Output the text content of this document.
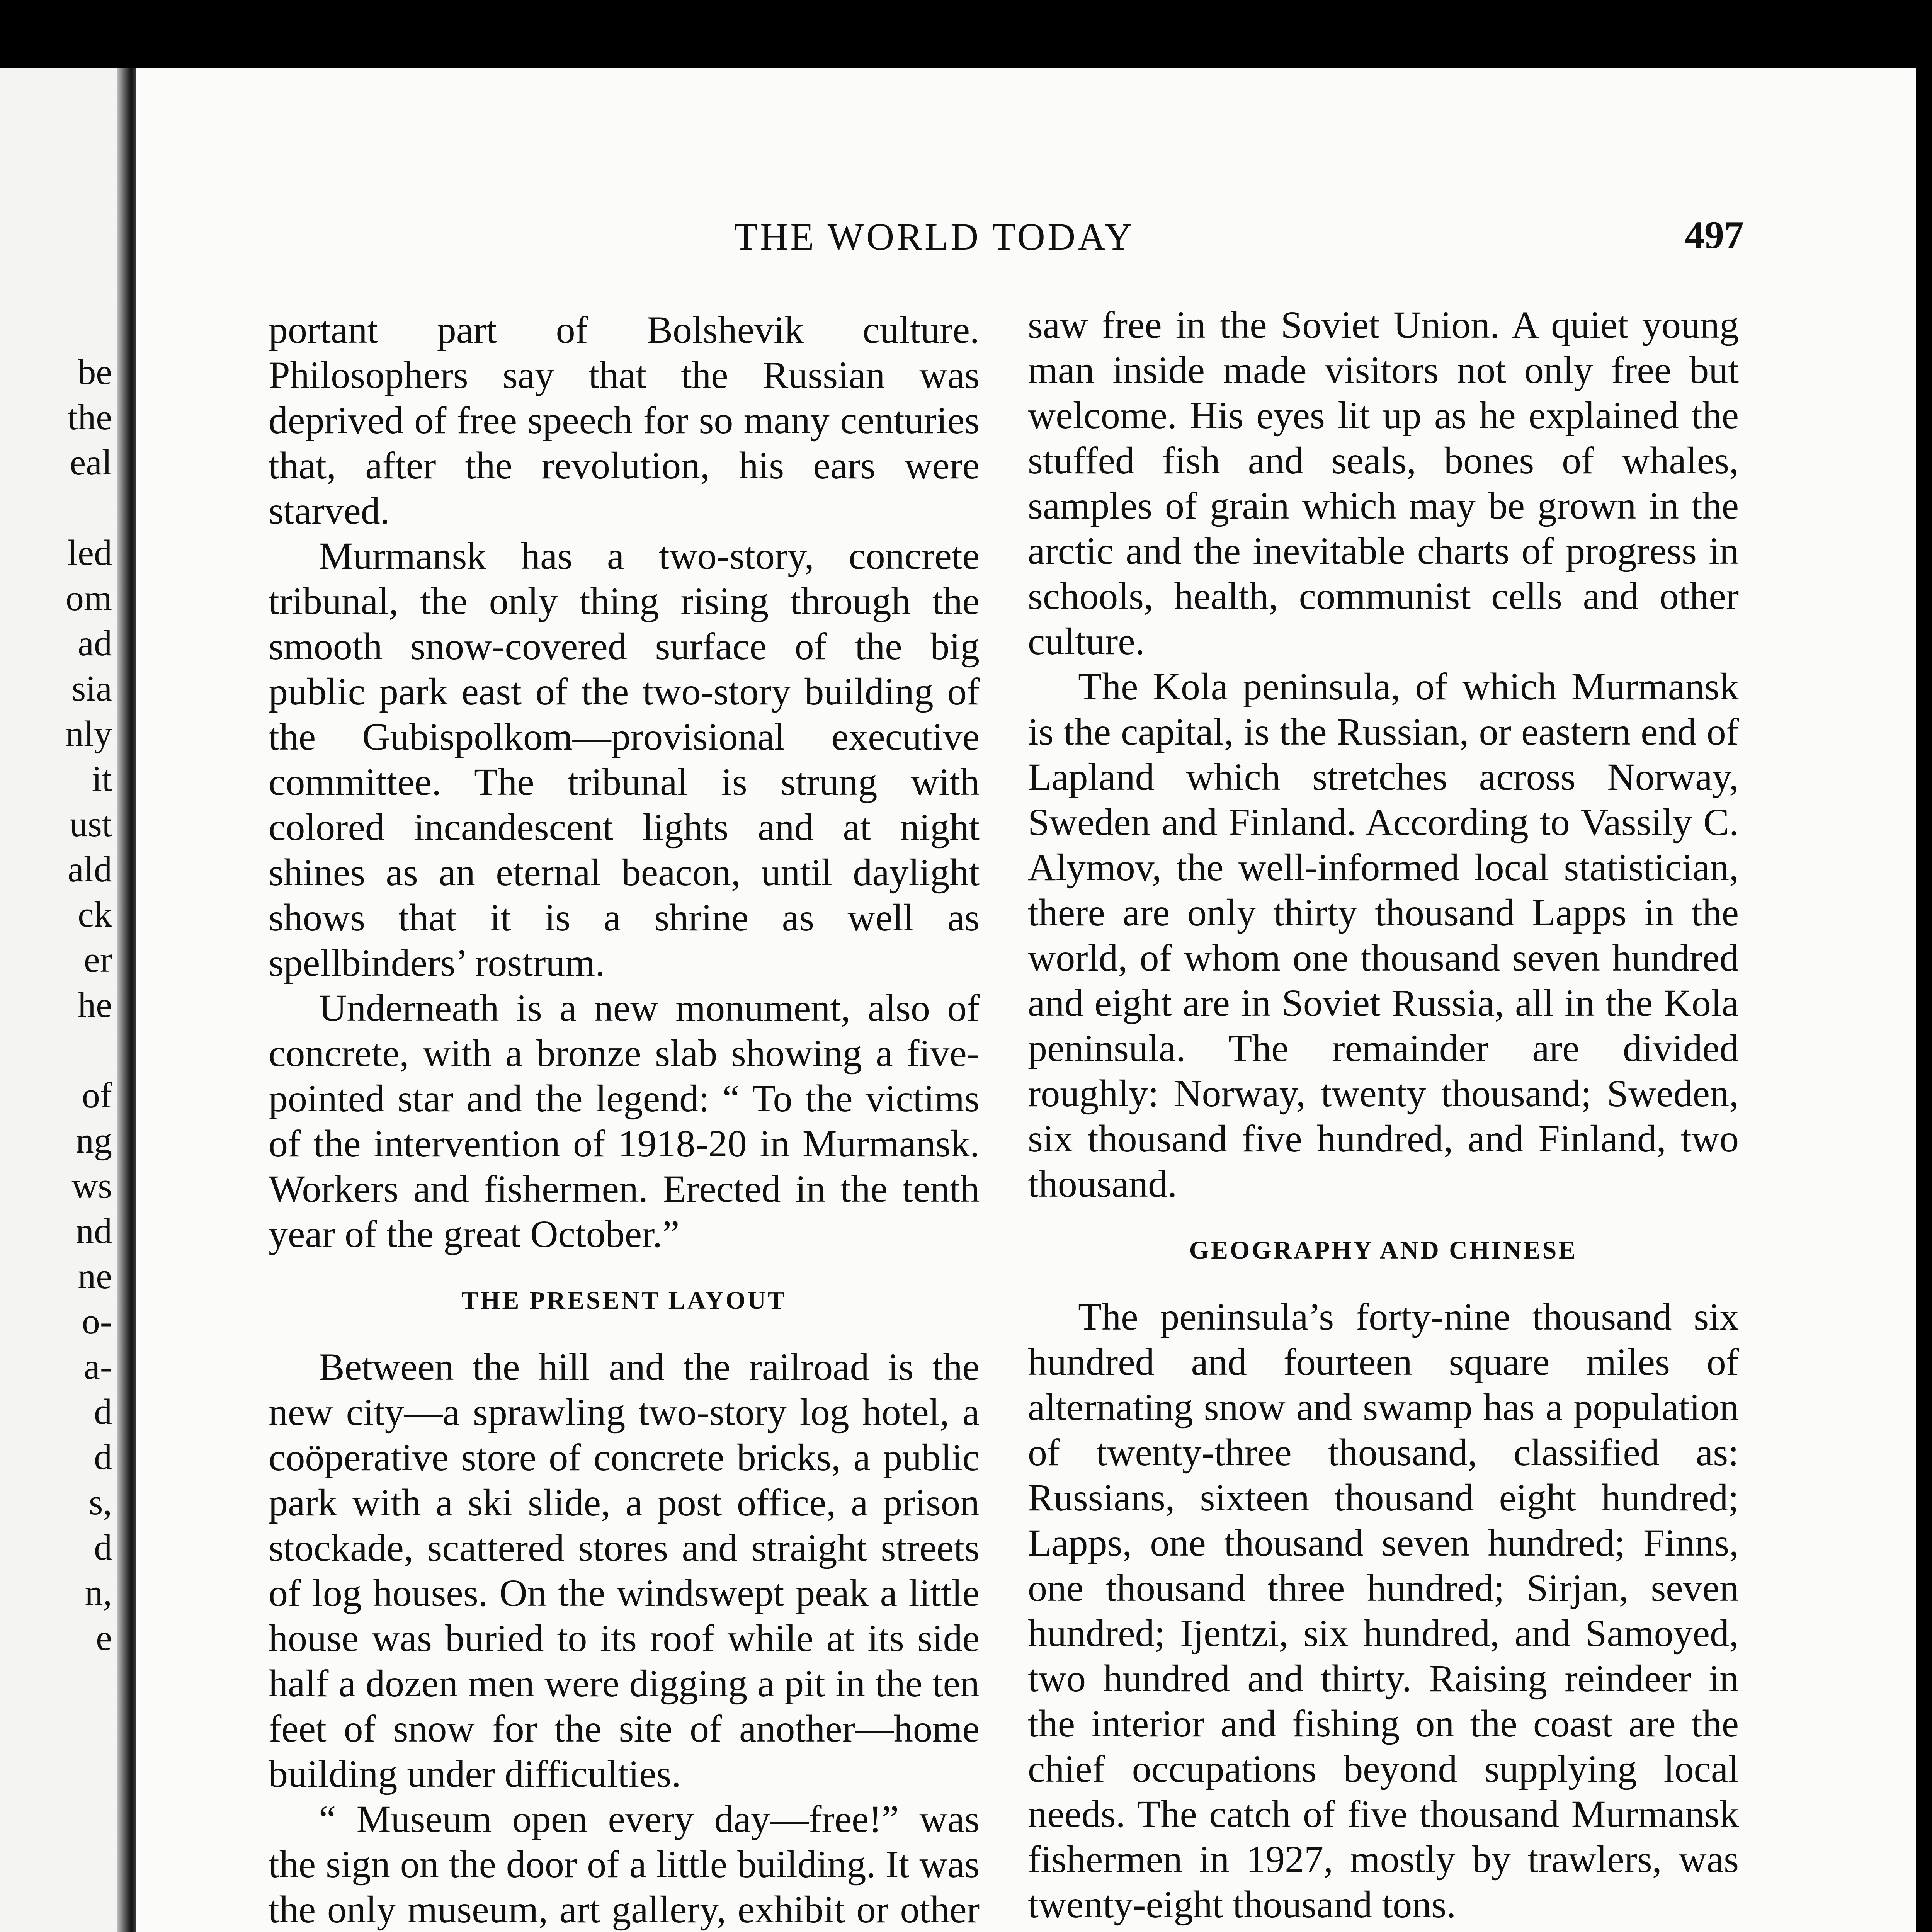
be
the
eal

led
om
ad
sia
nly
it
ust
ald
ck
er
he

of
ng
ws
nd
ne
o-
a-
d
d
s,
d
n,
e
THE WORLD TODAY	497

portant part of Bolshevik culture. Philosophers say that the Russian was deprived of free speech for so many centuries that, after the revolution, his ears were starved.

Murmansk has a two-story, concrete tribunal, the only thing rising through the smooth snow-covered surface of the big public park east of the two-story building of the Gubispolkom—provisional executive committee. The tribunal is strung with colored incandescent lights and at night shines as an eternal beacon, until daylight shows that it is a shrine as well as spellbinders’ rostrum.

Underneath is a new monument, also of concrete, with a bronze slab showing a five-pointed star and the legend: “ To the victims of the intervention of 1918-20 in Murmansk. Workers and fishermen. Erected in the tenth year of the great October.”

THE PRESENT LAYOUT

Between the hill and the railroad is the new city—a sprawling two-story log hotel, a coöperative store of concrete bricks, a public park with a ski slide, a post office, a prison stockade, scattered stores and straight streets of log houses. On the windswept peak a little house was buried to its roof while at its side half a dozen men were digging a pit in the ten feet of snow for the site of another—home building under difficulties.

“ Museum open every day—free!” was the sign on the door of a little building. It was the only museum, art gallery, exhibit or other

saw free in the Soviet Union. A quiet young man inside made visitors not only free but welcome. His eyes lit up as he explained the stuffed fish and seals, bones of whales, samples of grain which may be grown in the arctic and the inevitable charts of progress in schools, health, communist cells and other culture.

The Kola peninsula, of which Murmansk is the capital, is the Russian, or eastern end of Lapland which stretches across Norway, Sweden and Finland. According to Vassily C. Alymov, the well-informed local statistician, there are only thirty thousand Lapps in the world, of whom one thousand seven hundred and eight are in Soviet Russia, all in the Kola peninsula. The remainder are divided roughly: Norway, twenty thousand; Sweden, six thousand five hundred, and Finland, two thousand.

GEOGRAPHY AND CHINESE

The peninsula’s forty-nine thousand six hundred and fourteen square miles of alternating snow and swamp has a population of twenty-three thousand, classified as: Russians, sixteen thousand eight hundred; Lapps, one thousand seven hundred; Finns, one thousand three hundred; Sirjan, seven hundred; Ijentzi, six hundred, and Samoyed, two hundred and thirty. Raising reindeer in the interior and fishing on the coast are the chief occupations beyond supplying local needs. The catch of five thousand Murmansk fishermen in 1927, mostly by trawlers, was twenty-eight thousand tons.
